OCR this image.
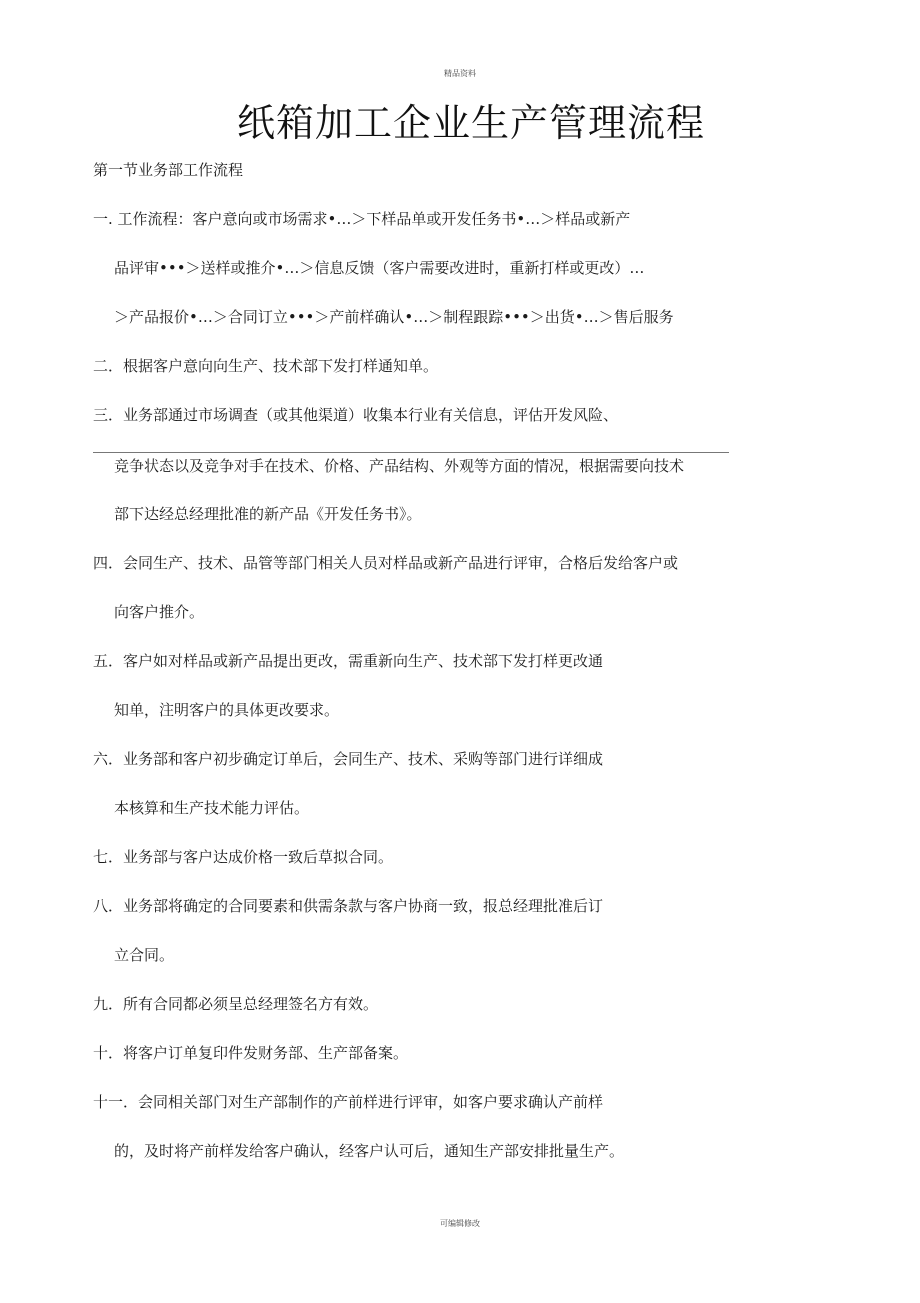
精品资料
纸箱加工企业生产管理流程
第一节业务部工作流程
一. 工作流程：客户意向或市场需求•…＞下样品单或开发任务书•…＞样品或新产
品评审•••＞送样或推介•…＞信息反馈（客户需要改进时，重新打样或更改）…
＞产品报价•…＞合同订立•••＞产前样确认•…＞制程跟踪•••＞出货•…＞售后服务
二．根据客户意向向生产、技术部下发打样通知单。
三．业务部通过市场调查（或其他渠道）收集本行业有关信息，评估开发风险、
竞争状态以及竞争对手在技术、价格、产品结构、外观等方面的情况，根据需要向技术
部下达经总经理批准的新产品《开发任务书》。
四．会同生产、技术、品管等部门相关人员对样品或新产品进行评审，合格后发给客户或
向客户推介。
五．客户如对样品或新产品提出更改，需重新向生产、技术部下发打样更改通
知单，注明客户的具体更改要求。
六．业务部和客户初步确定订单后，会同生产、技术、采购等部门进行详细成
本核算和生产技术能力评估。
七．业务部与客户达成价格一致后草拟合同。
八．业务部将确定的合同要素和供需条款与客户协商一致，报总经理批准后订
立合同。
九．所有合同都必须呈总经理签名方有效。
十．将客户订单复印件发财务部、生产部备案。
十一．会同相关部门对生产部制作的产前样进行评审，如客户要求确认产前样
的，及时将产前样发给客户确认，经客户认可后，通知生产部安排批量生产。
可编辑修改
